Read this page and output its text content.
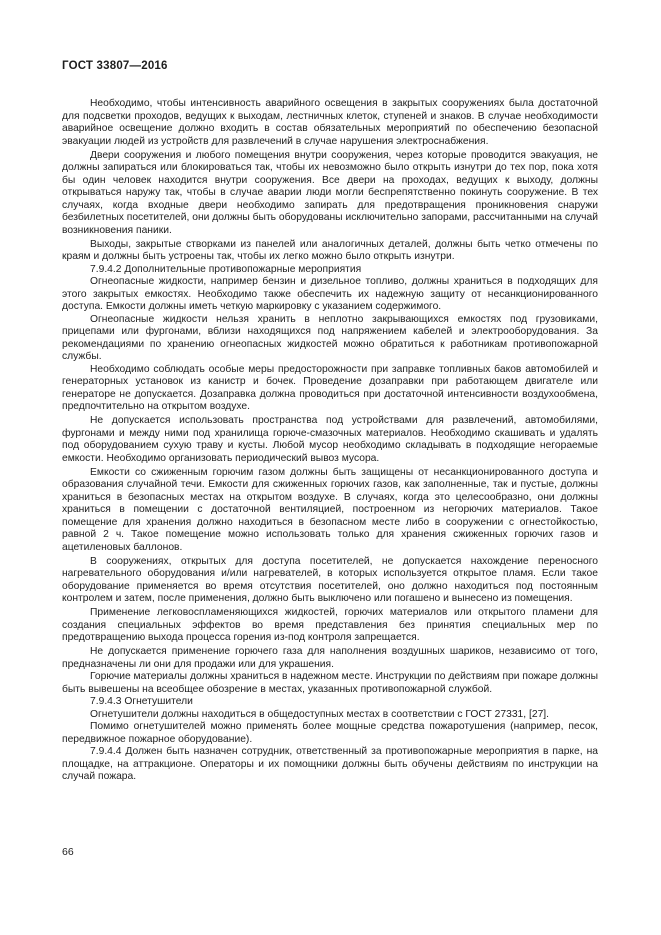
ГОСТ 33807—2016

Необходимо, чтобы интенсивность аварийного освещения в закрытых сооружениях была достаточной для подсветки проходов, ведущих к выходам, лестничных клеток, ступеней и знаков. В случае необходимости аварийное освещение должно входить в состав обязательных мероприятий по обеспечению безопасной эвакуации людей из устройств для развлечений в случае нарушения электроснабжения.

Двери сооружения и любого помещения внутри сооружения, через которые проводится эвакуация, не должны запираться или блокироваться так, чтобы их невозможно было открыть изнутри до тех пор, пока хотя бы один человек находится внутри сооружения. Все двери на проходах, ведущих к выходу, должны открываться наружу так, чтобы в случае аварии люди могли беспрепятственно покинуть сооружение. В тех случаях, когда входные двери необходимо запирать для предотвращения проникновения снаружи безбилетных посетителей, они должны быть оборудованы исключительно запорами, рассчитанными на случай возникновения паники.

Выходы, закрытые створками из панелей или аналогичных деталей, должны быть четко отмечены по краям и должны быть устроены так, чтобы их легко можно было открыть изнутри.

7.9.4.2 Дополнительные противопожарные мероприятия

Огнеопасные жидкости, например бензин и дизельное топливо, должны храниться в подходящих для этого закрытых емкостях. Необходимо также обеспечить их надежную защиту от несанкционированного доступа. Емкости должны иметь четкую маркировку с указанием содержимого.

Огнеопасные жидкости нельзя хранить в неплотно закрывающихся емкостях под грузовиками, прицепами или фургонами, вблизи находящихся под напряжением кабелей и электрооборудования. За рекомендациями по хранению огнеопасных жидкостей можно обратиться к работникам противопожарной службы.

Необходимо соблюдать особые меры предосторожности при заправке топливных баков автомобилей и генераторных установок из канистр и бочек. Проведение дозаправки при работающем двигателе или генераторе не допускается. Дозаправка должна проводиться при достаточной интенсивности воздухообмена, предпочтительно на открытом воздухе.

Не допускается использовать пространства под устройствами для развлечений, автомобилями, фургонами и между ними под хранилища горюче-смазочных материалов. Необходимо скашивать и удалять под оборудованием сухую траву и кусты. Любой мусор необходимо складывать в подходящие негораемые емкости. Необходимо организовать периодический вывоз мусора.

Емкости со сжиженным горючим газом должны быть защищены от несанкционированного доступа и образования случайной течи. Емкости для сжиженных горючих газов, как заполненные, так и пустые, должны храниться в безопасных местах на открытом воздухе. В случаях, когда это целесообразно, они должны храниться в помещении с достаточной вентиляцией, построенном из негорючих материалов. Такое помещение для хранения должно находиться в безопасном месте либо в сооружении с огнестойкостью, равной 2 ч. Такое помещение можно использовать только для хранения сжиженных горючих газов и ацетиленовых баллонов.

В сооружениях, открытых для доступа посетителей, не допускается нахождение переносного нагревательного оборудования и/или нагревателей, в которых используется открытое пламя. Если такое оборудование применяется во время отсутствия посетителей, оно должно находиться под постоянным контролем и затем, после применения, должно быть выключено или погашено и вынесено из помещения.

Применение легковоспламеняющихся жидкостей, горючих материалов или открытого пламени для создания специальных эффектов во время представления без принятия специальных мер по предотвращению выхода процесса горения из-под контроля запрещается.

Не допускается применение горючего газа для наполнения воздушных шариков, независимо от того, предназначены ли они для продажи или для украшения.

Горючие материалы должны храниться в надежном месте. Инструкции по действиям при пожаре должны быть вывешены на всеобщее обозрение в местах, указанных противопожарной службой.

7.9.4.3 Огнетушители

Огнетушители должны находиться в общедоступных местах в соответствии с ГОСТ 27331, [27].

Помимо огнетушителей можно применять более мощные средства пожаротушения (например, песок, передвижное пожарное оборудование).

7.9.4.4 Должен быть назначен сотрудник, ответственный за противопожарные мероприятия в парке, на площадке, на аттракционе. Операторы и их помощники должны быть обучены действиям по инструкции на случай пожара.

66
